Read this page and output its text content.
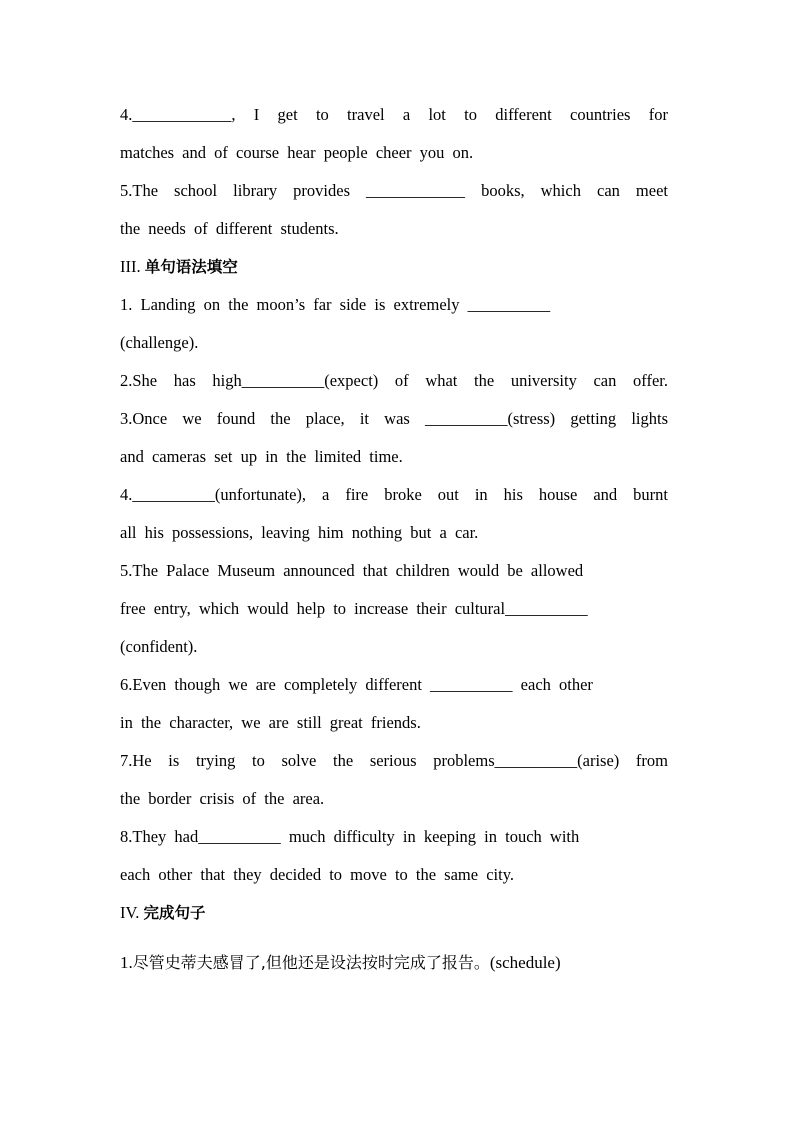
4.____________, I get to travel a lot to different countries for
matches and of course hear people cheer you on.
5.The school library provides ____________ books, which can meet
the needs of different students.
III. 单句语法填空
1. Landing on the moon’s far side is extremely __________
(challenge).
2.She has high__________(expect) of what the university can offer.
3.Once we found the place, it was __________(stress) getting lights
and cameras set up in the limited time.
4.__________(unfortunate), a fire broke out in his house and burnt
all his possessions, leaving him nothing but a car.
5.The Palace Museum announced that children would be allowed
free entry, which would help to increase their cultural__________
(confident).
6.Even though we are completely different __________ each other
in the character, we are still great friends.
7.He is trying to solve the serious problems__________(arise) from
the border crisis of the area.
8.They had__________ much difficulty in keeping in touch with
each other that they decided to move to the same city.
IV. 完成句子
1.尽管史蒂夫感冒了,但他还是设法按时完成了报告。(schedule)
